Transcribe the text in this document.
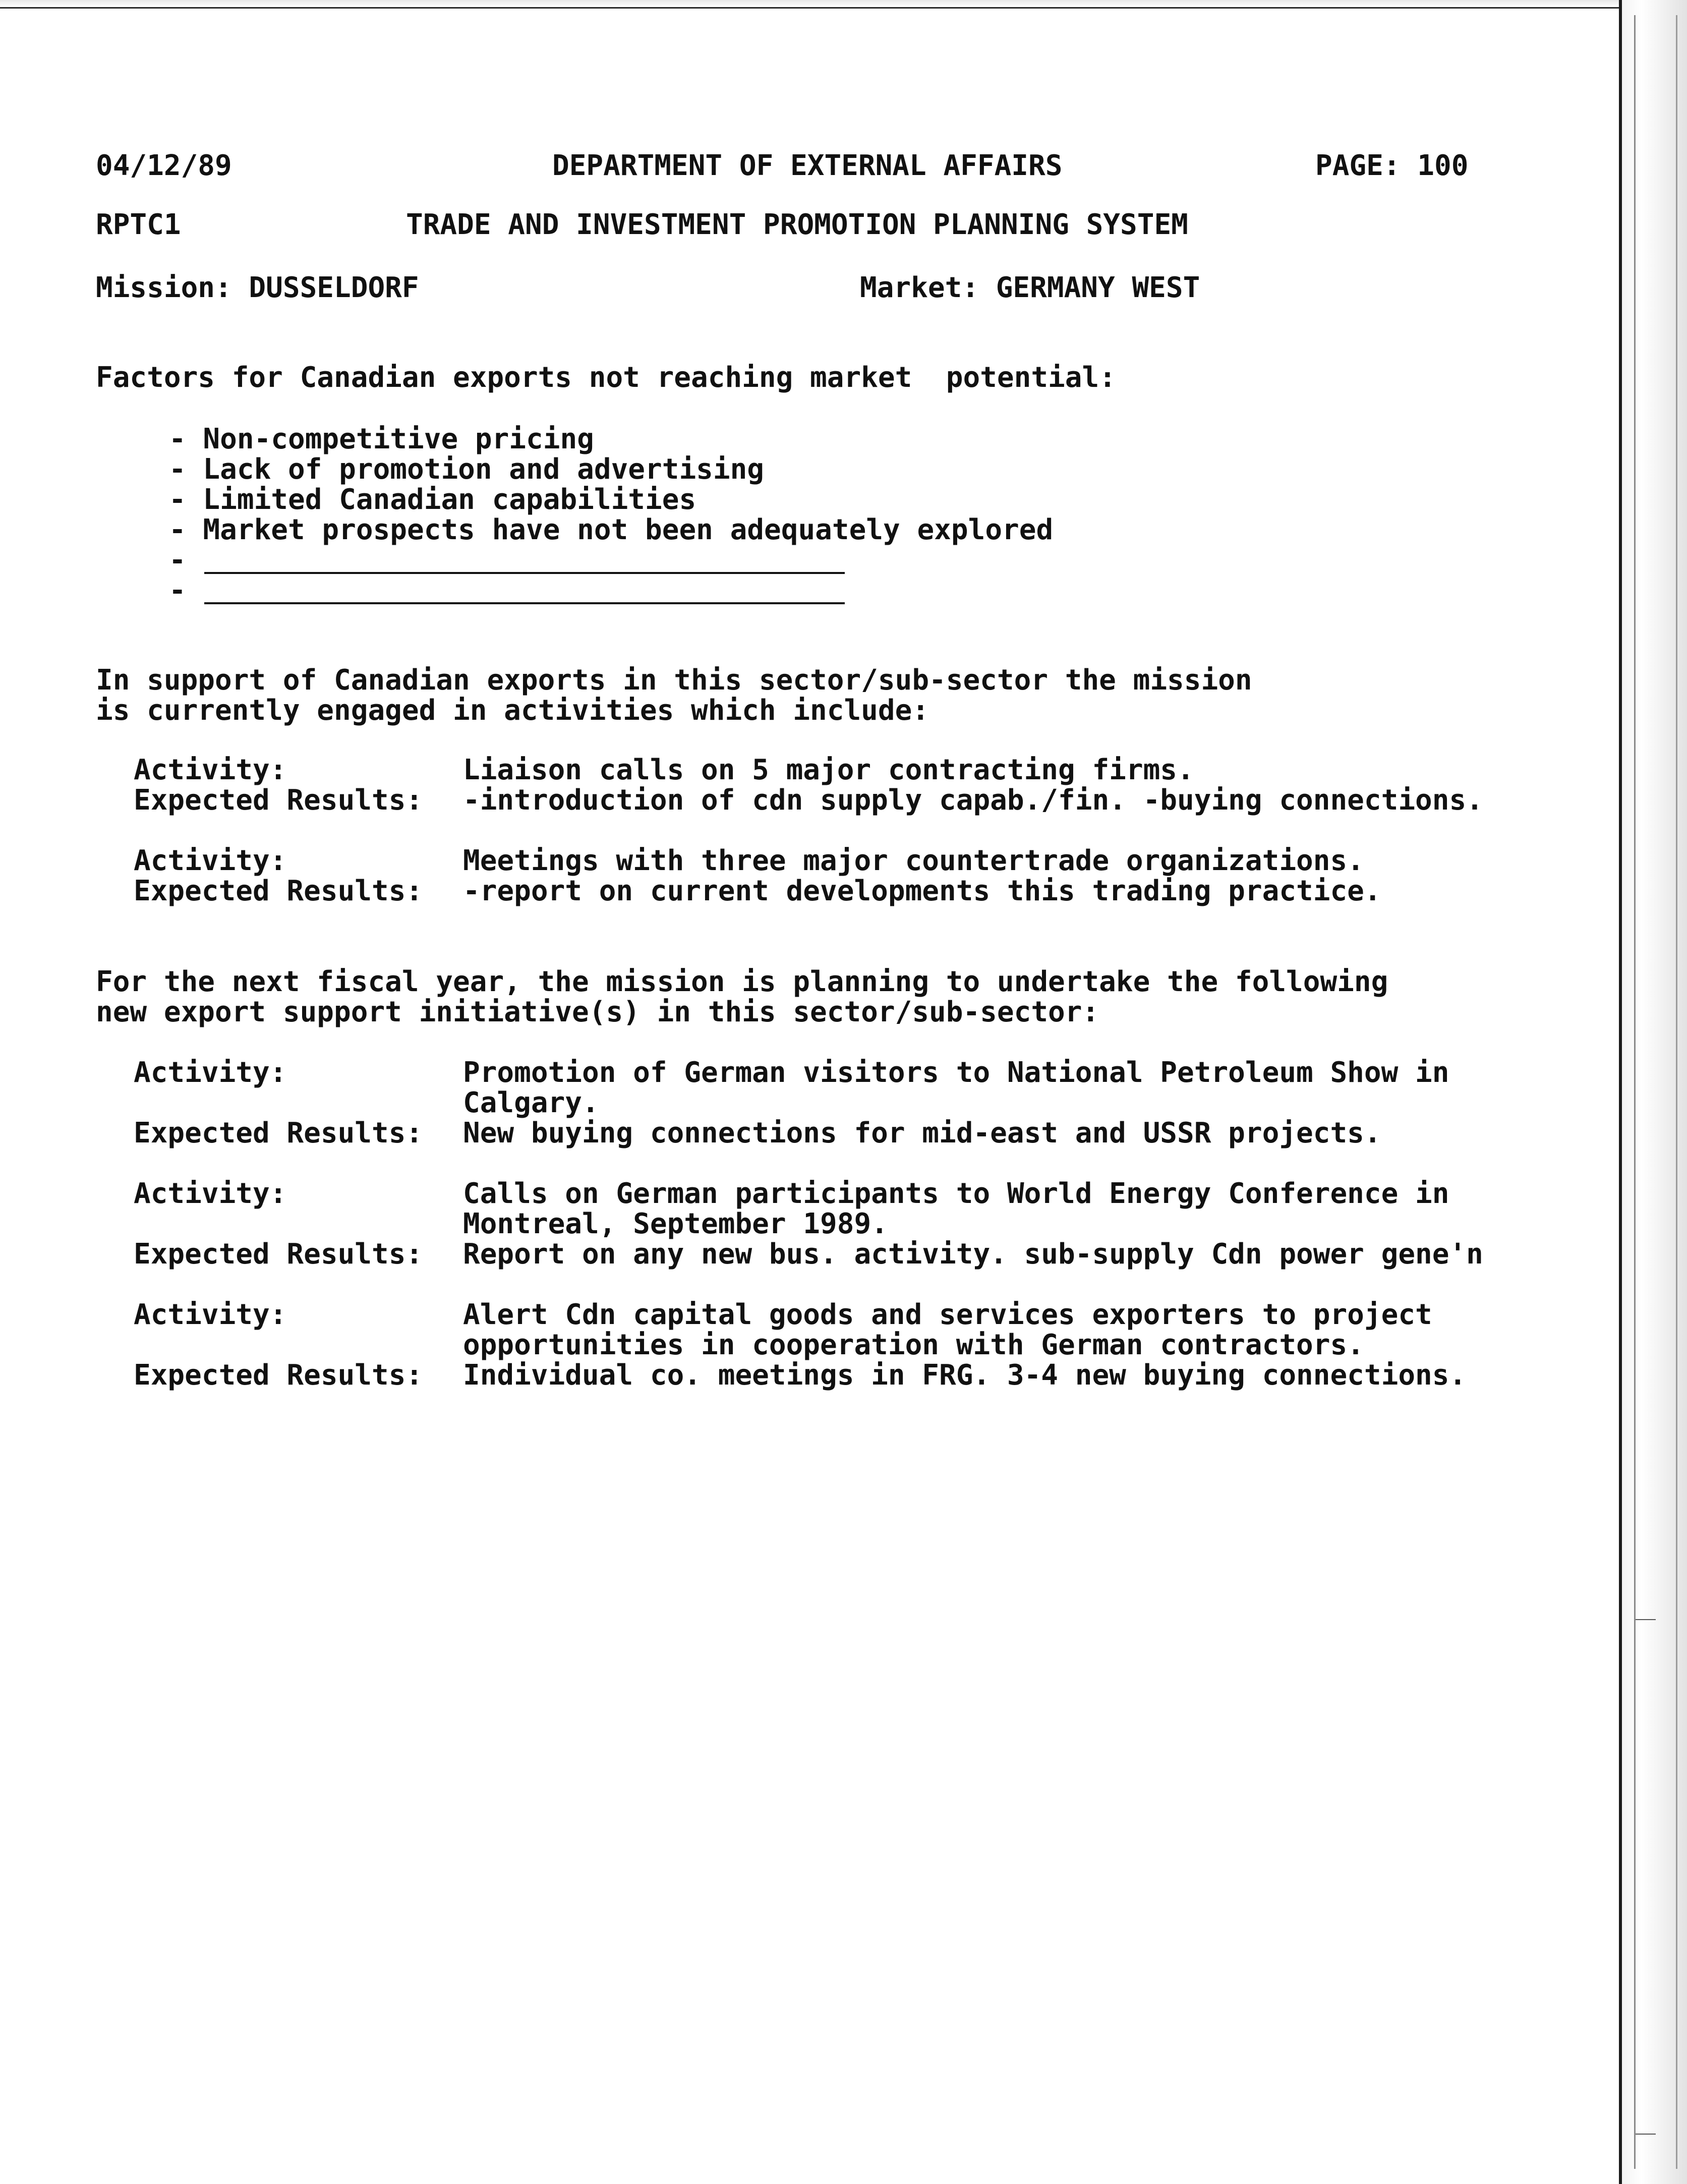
04/12/89	DEPARTMENT OF EXTERNAL AFFAIRS	PAGE: 100
RPTC1	TRADE AND INVESTMENT PROMOTION PLANNING SYSTEM
Mission: DUSSELDORF	Market: GERMANY WEST
Factors for Canadian exports not reaching market  potential:
- Non-competitive pricing
- Lack of promotion and advertising
- Limited Canadian capabilities
- Market prospects have not been adequately explored
-
-
In support of Canadian exports in this sector/sub-sector the mission
is currently engaged in activities which include:
Activity:	Liaison calls on 5 major contracting firms.
Expected Results: -introduction of cdn supply capab./fin. -buying connections.
Activity:	Meetings with three major countertrade organizations.
Expected Results: -report on current developments this trading practice.
For the next fiscal year, the mission is planning to undertake the following
new export support initiative(s) in this sector/sub-sector:
Activity:	Promotion of German visitors to National Petroleum Show in
Calgary.
Expected Results: New buying connections for mid-east and USSR projects.
Activity:	Calls on German participants to World Energy Conference in
Montreal, September 1989.
Expected Results: Report on any new bus. activity. sub-supply Cdn power gene'n
Activity:	Alert Cdn capital goods and services exporters to project
opportunities in cooperation with German contractors.
Expected Results: Individual co. meetings in FRG. 3-4 new buying connections.
